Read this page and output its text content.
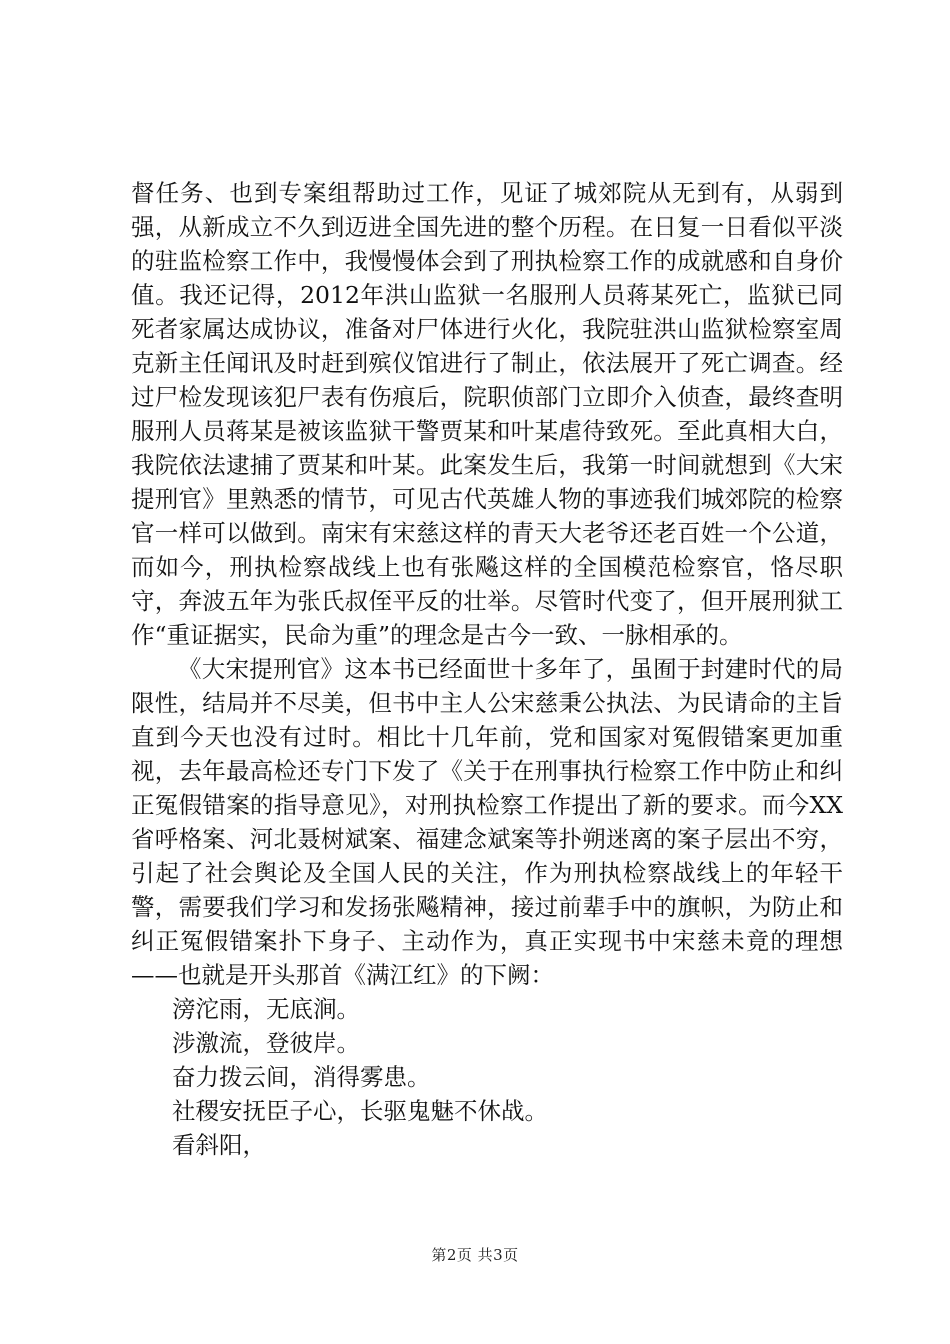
督任务、也到专案组帮助过工作，见证了城郊院从无到有，从弱到强，从新成立不久到迈进全国先进的整个历程。在日复一日看似平淡的驻监检察工作中，我慢慢体会到了刑执检察工作的成就感和自身价值。我还记得，2012年洪山监狱一名服刑人员蒋某死亡，监狱已同死者家属达成协议，准备对尸体进行火化，我院驻洪山监狱检察室周克新主任闻讯及时赶到殡仪馆进行了制止，依法展开了死亡调查。经过尸检发现该犯尸表有伤痕后，院职侦部门立即介入侦查，最终查明服刑人员蒋某是被该监狱干警贾某和叶某虐待致死。至此真相大白，我院依法逮捕了贾某和叶某。此案发生后，我第一时间就想到《大宋提刑官》里熟悉的情节，可见古代英雄人物的事迹我们城郊院的检察官一样可以做到。南宋有宋慈这样的青天大老爷还老百姓一个公道，而如今，刑执检察战线上也有张飚这样的全国模范检察官，恪尽职守，奔波五年为张氏叔侄平反的壮举。尽管时代变了，但开展刑狱工作“重证据实，民命为重”的理念是古今一致、一脉相承的。

《大宋提刑官》这本书已经面世十多年了，虽囿于封建时代的局限性，结局并不尽美，但书中主人公宋慈秉公执法、为民请命的主旨直到今天也没有过时。相比十几年前，党和国家对冤假错案更加重视，去年最高检还专门下发了《关于在刑事执行检察工作中防止和纠正冤假错案的指导意见》，对刑执检察工作提出了新的要求。而今XX省呼格案、河北聂树斌案、福建念斌案等扑朔迷离的案子层出不穷，引起了社会舆论及全国人民的关注，作为刑执检察战线上的年轻干警，需要我们学习和发扬张飚精神，接过前辈手中的旗帜，为防止和纠正冤假错案扑下身子、主动作为，真正实现书中宋慈未竟的理想——也就是开头那首《满江红》的下阙：

滂沱雨，无底涧。

涉激流，登彼岸。

奋力拨云间，消得雾患。

社稷安抚臣子心，长驱鬼魅不休战。

看斜阳，

第2页 共3页
